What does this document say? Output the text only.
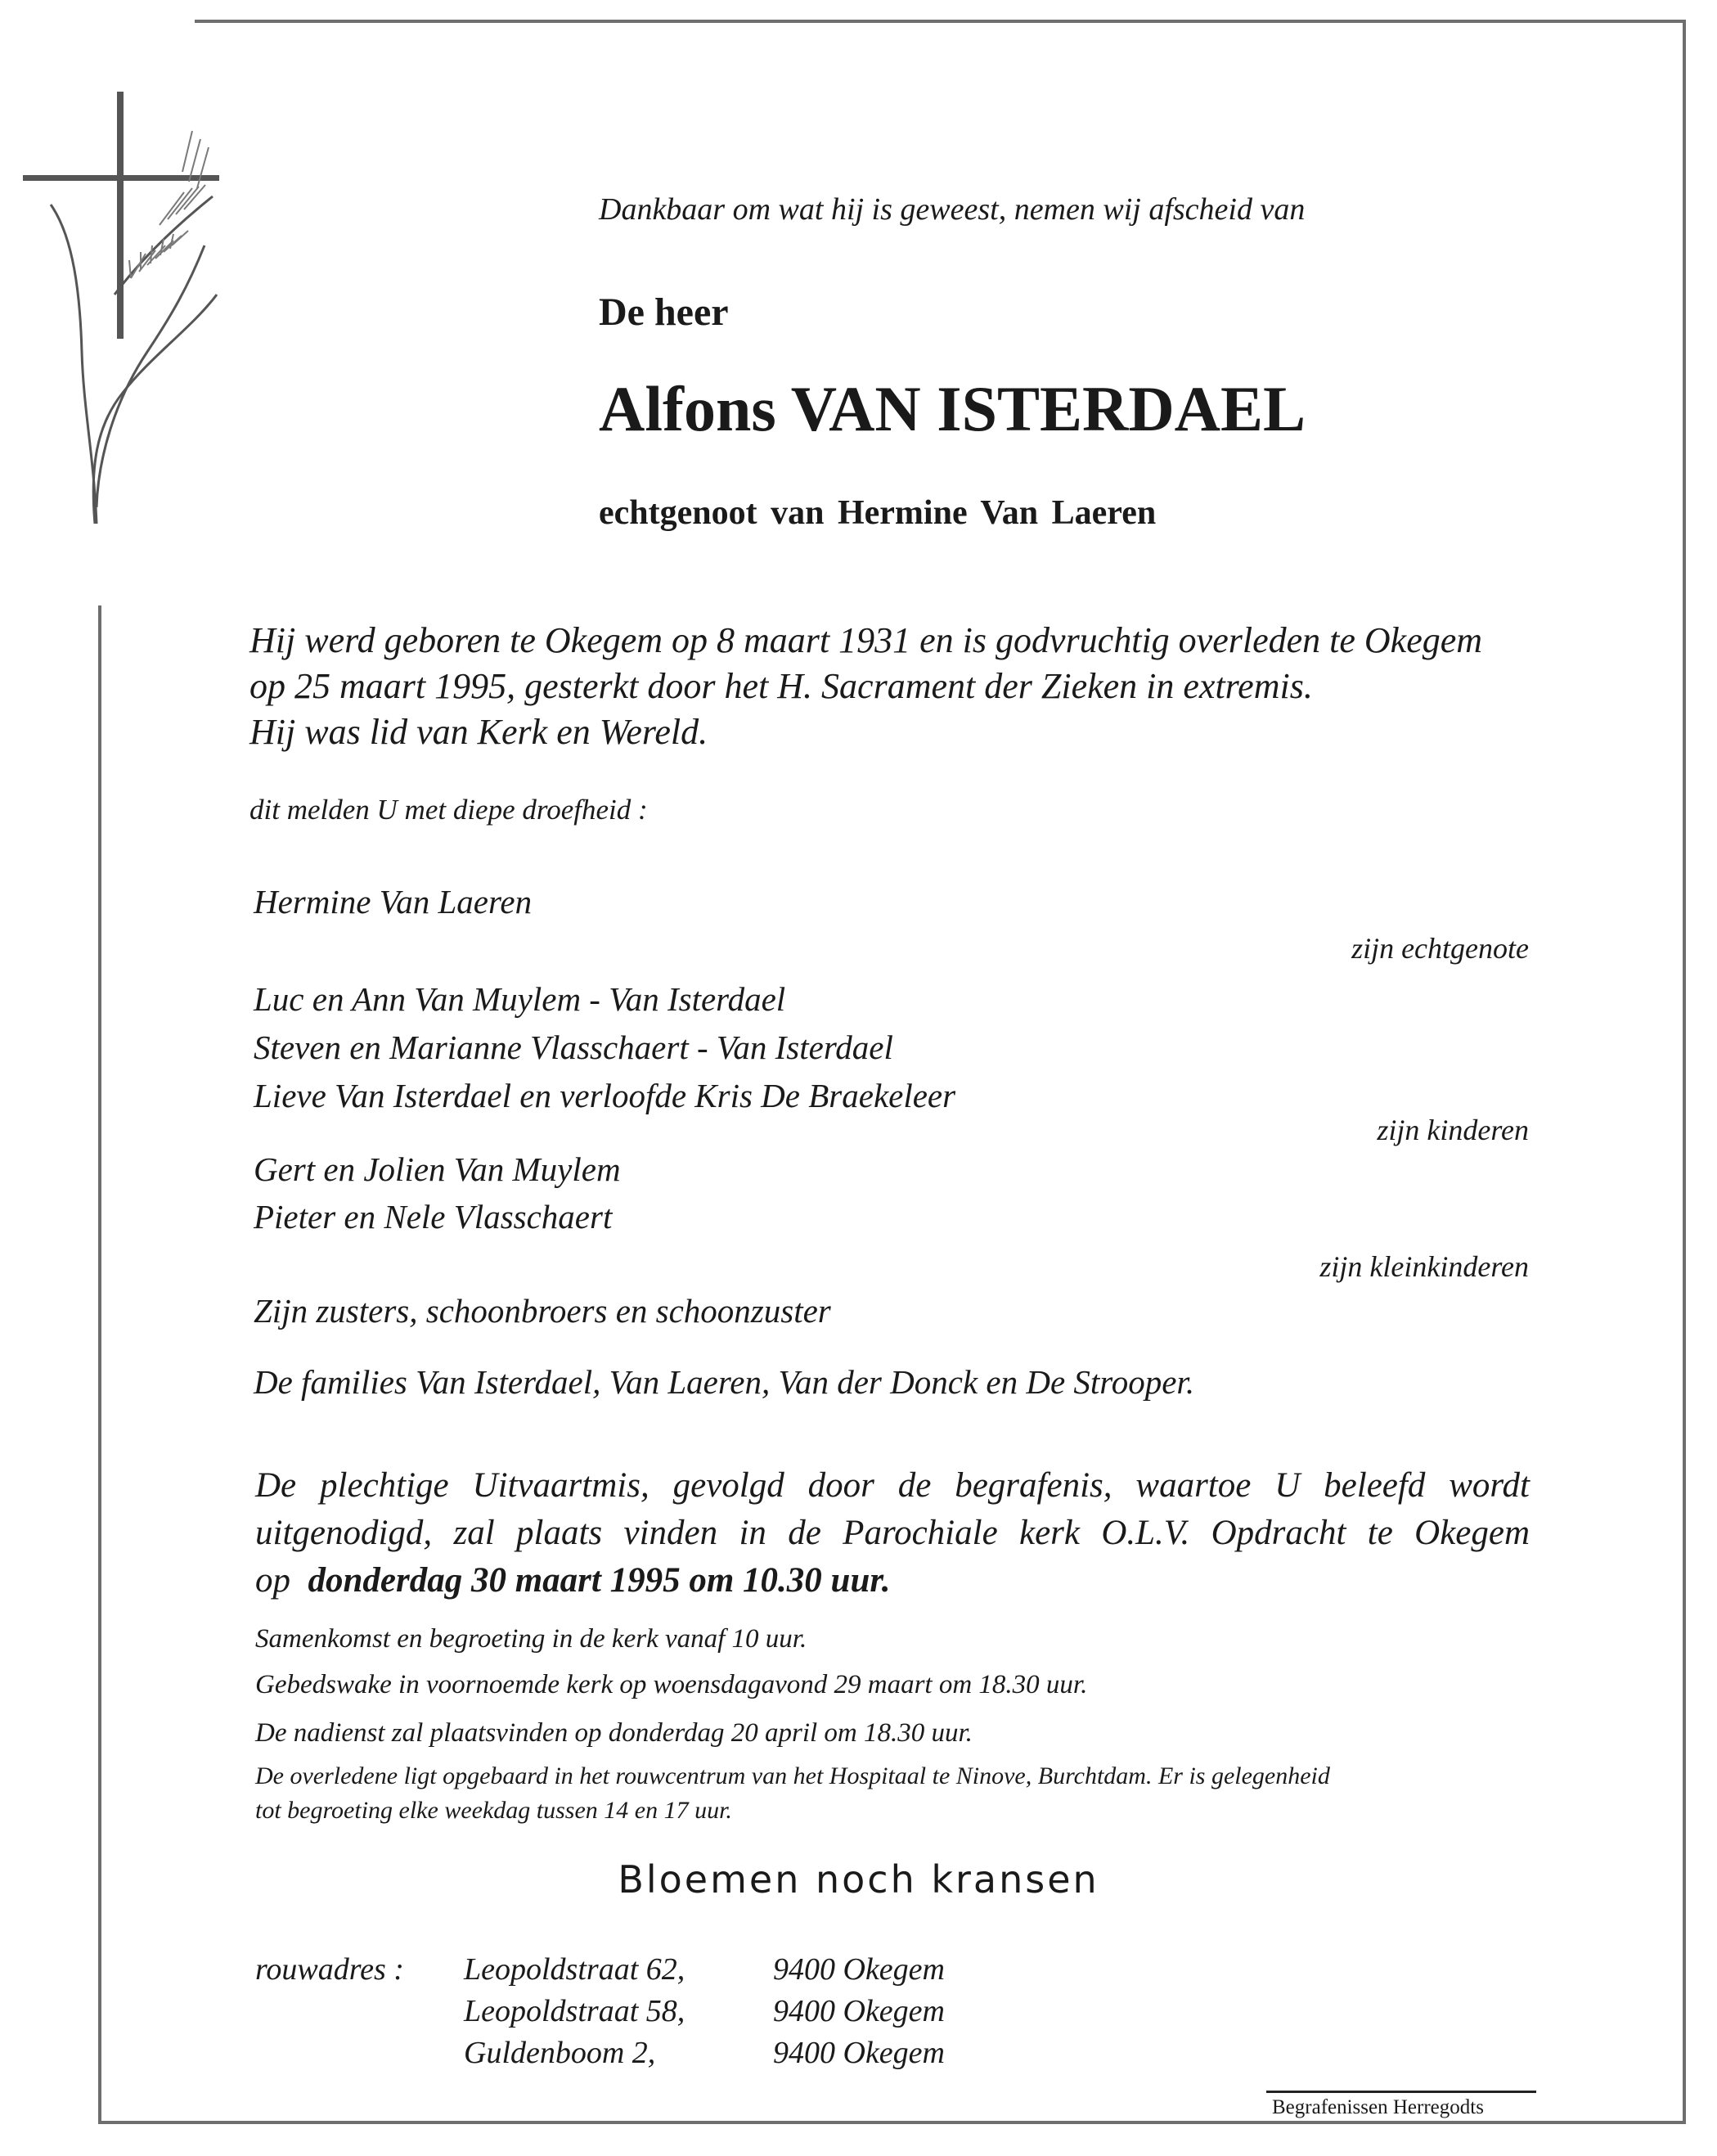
Dankbaar om wat hij is geweest, nemen wij afscheid van

De heer

Alfons VAN ISTERDAEL

echtgenoot van Hermine Van Laeren

Hij werd geboren te Okegem op 8 maart 1931 en is godvruchtig overleden te Okegem
op 25 maart 1995, gesterkt door het H. Sacrament der Zieken in extremis.
Hij was lid van Kerk en Wereld.

dit melden U met diepe droefheid :

Hermine Van Laeren

zijn echtgenote

Luc en Ann Van Muylem - Van Isterdael

Steven en Marianne Vlasschaert - Van Isterdael

Lieve Van Isterdael en verloofde Kris De Braekeleer

zijn kinderen

Gert en Jolien Van Muylem

Pieter en Nele Vlasschaert

zijn kleinkinderen

Zijn zusters, schoonbroers en schoonzuster

De families Van Isterdael, Van Laeren, Van der Donck en De Strooper.

De plechtige Uitvaartmis, gevolgd door de begrafenis, waartoe U beleefd wordt
uitgenodigd, zal plaats vinden in de Parochiale kerk O.L.V. Opdracht te Okegem
op donderdag 30 maart 1995 om 10.30 uur.

Samenkomst en begroeting in de kerk vanaf 10 uur.

Gebedswake in voornoemde kerk op woensdagavond 29 maart om 18.30 uur.

De nadienst zal plaatsvinden op donderdag 20 april om 18.30 uur.

De overledene ligt opgebaard in het rouwcentrum van het Hospitaal te Ninove, Burchtdam. Er is gelegenheid
tot begroeting elke weekdag tussen 14 en 17 uur.

Bloemen noch kransen

rouwadres : Leopoldstraat 62,	9400 Okegem

Leopoldstraat 58,	9400 Okegem

Guldenboom 2,	9400 Okegem

Begrafenissen Herregodts
